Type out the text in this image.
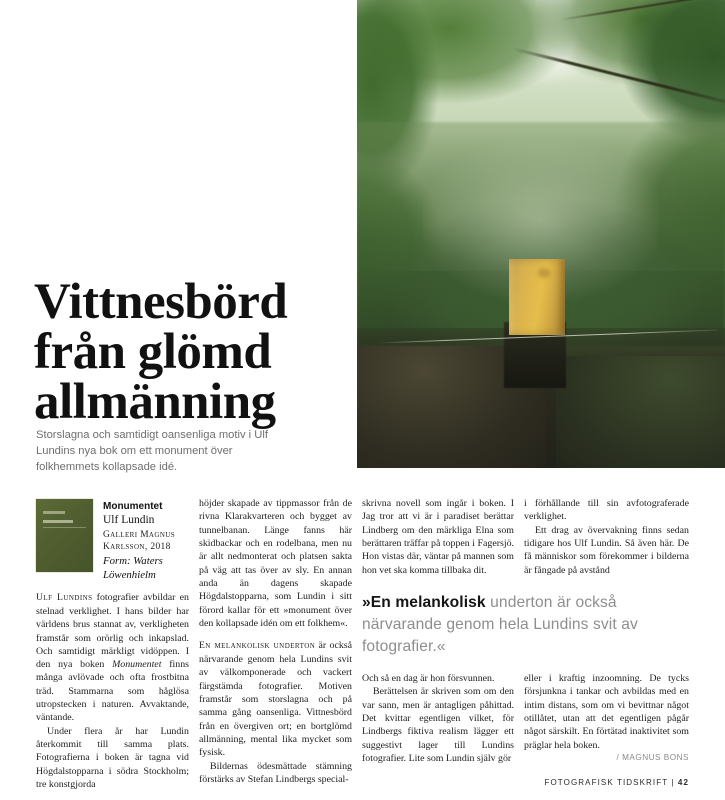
Vittnesbörd
från glömd
allmänning
Storslagna och samtidigt oansenliga motiv i Ulf Lundins nya bok om ett monument över folkhemmets kollapsade idé.
Monumentet
Ulf Lundin
Galleri Magnus
Karlsson, 2018
Form: Waters
Löwenhielm

Ulf Lundins fotografier avbildar en stelnad verklighet. I hans bilder har världens brus stannat av, verkligheten framstår som orörlig och inkapslad. Och samtidigt märkligt vidöppen. I den nya boken Monumentet finns många avlövade och ofta frostbitna träd. Stammarna som håglösa utropstecken i naturen. Avvaktande, väntande.

Under flera år har Lundin återkommit till samma plats. Fotografierna i boken är tagna vid Högdalstopparna i södra Stockholm; tre konstgjorda

höjder skapade av tippmassor från de rivna Klarakvarteren och bygget av tunnelbanan. Länge fanns här skidbackar och en rodelbana, men nu är allt nedmonterat och platsen sakta på väg att tas över av sly. En annan anda än dagens skapade Högdalstopparna, som Lundin i sitt förord kallar för ett »monument över den kollapsade idén om ett folkhem«.

En melankolisk underton är också närvarande genom hela Lundins svit av välkomponerade och vackert färgstämda fotografier. Motiven framstår som storslagna och på samma gång oansenliga. Vittnesbörd från en övergiven ort; en bortglömd allmänning, mental lika mycket som fysisk.

Bildernas ödesmättade stämning förstärks av Stefan Lindbergs special-

skrivna novell som ingår i boken. I Jag tror att vi är i paradiset berättar Lindberg om den märkliga Elna som berättaren träffar på toppen i Fagersjö. Hon vistas där, väntar på mannen som hon vet ska komma tillbaka dit.

i förhållande till sin avfotograferade verklighet.

Ett drag av övervakning finns sedan tidigare hos Ulf Lundin. Så även här. De få människor som förekommer i bilderna är fångade på avstånd

»En melankolisk underton är också närvarande genom hela Lundins svit av fotografier.«

Och så en dag är hon försvunnen.

Berättelsen är skriven som om den var sann, men är antagligen påhittad. Det kvittar egentligen vilket, för Lindbergs fiktiva realism lägger ett suggestivt lager till Lundins fotografier. Lite som Lundin själv gör

eller i kraftig inzoomning. De tycks försjunkna i tankar och avbildas med en intim distans, som om vi bevittnar något otillåtet, utan att det egentligen pågår något särskilt. En förtätad inaktivitet som präglar hela boken.

/ MAGNUS BONS
FOTOGRAFISK TIDSKRIFT | 42
